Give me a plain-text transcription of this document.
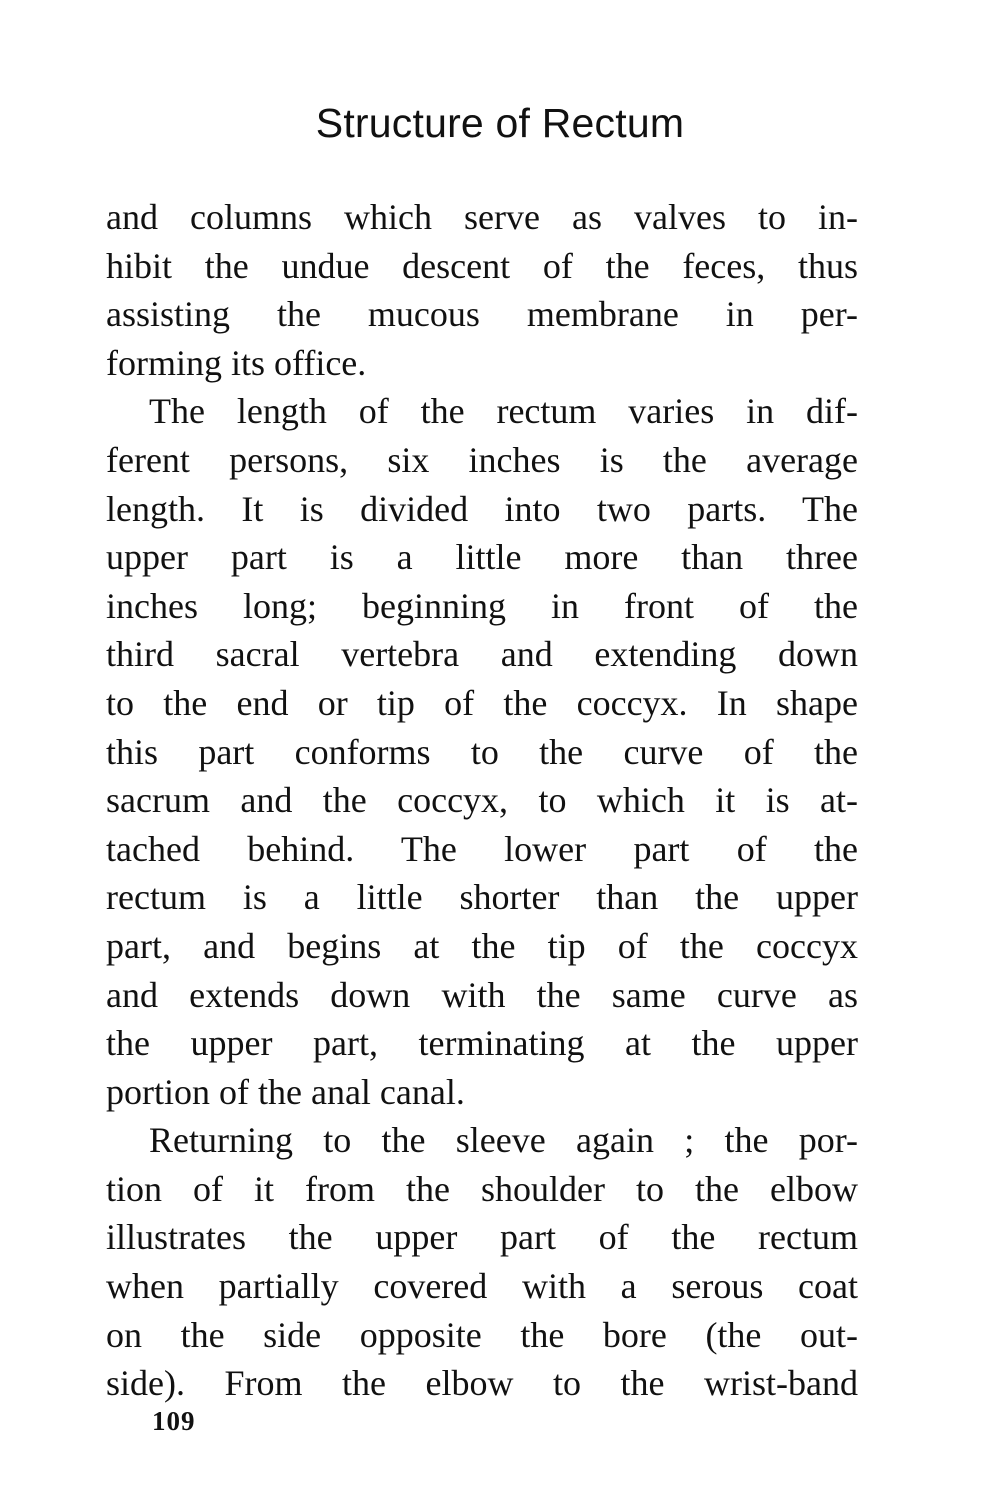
Structure of Rectum
and columns which serve as valves to in-
hibit the undue descent of the feces, thus
assisting the mucous membrane in per-
forming its office.
The length of the rectum varies in dif-
ferent persons, six inches is the average
length. It is divided into two parts. The
upper part is a little more than three
inches long; beginning in front of the
third sacral vertebra and extending down
to the end or tip of the coccyx. In shape
this part conforms to the curve of the
sacrum and the coccyx, to which it is at-
tached behind. The lower part of the
rectum is a little shorter than the upper
part, and begins at the tip of the coccyx
and extends down with the same curve as
the upper part, terminating at the upper
portion of the anal canal.
Returning to the sleeve again ; the por-
tion of it from the shoulder to the elbow
illustrates the upper part of the rectum
when partially covered with a serous coat
on the side opposite the bore (the out-
side). From the elbow to the wrist-band
109
